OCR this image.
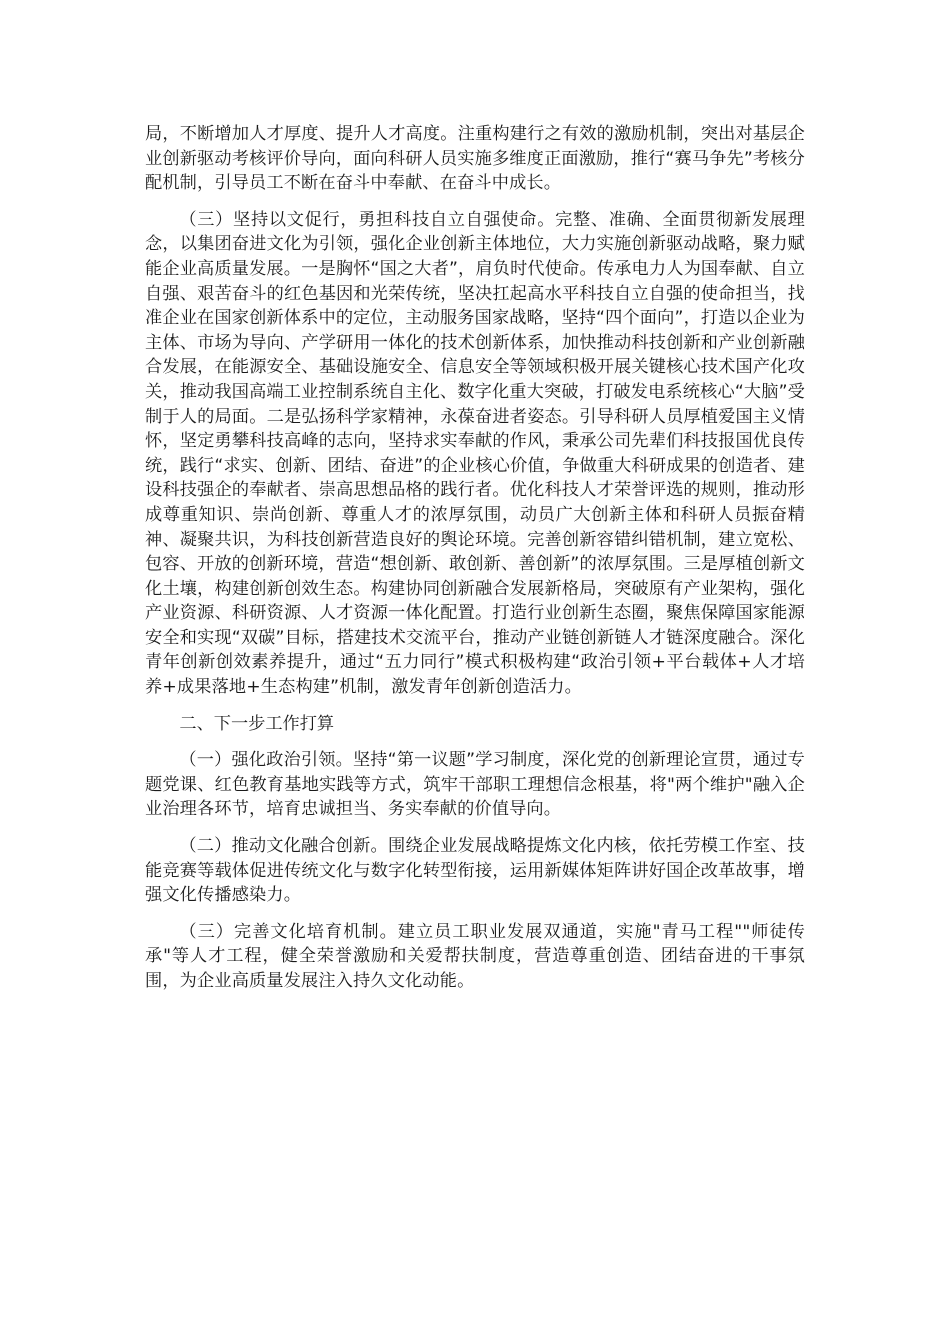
局，不断增加人才厚度、提升人才高度。注重构建行之有效的激励机制，突出对基层企业创新驱动考核评价导向，面向科研人员实施多维度正面激励，推行“赛马争先”考核分配机制，引导员工不断在奋斗中奉献、在奋斗中成长。

（三）坚持以文促行，勇担科技自立自强使命。完整、准确、全面贯彻新发展理念，以集团奋进文化为引领，强化企业创新主体地位，大力实施创新驱动战略，聚力赋能企业高质量发展。一是胸怀“国之大者”，肩负时代使命。传承电力人为国奉献、自立自强、艰苦奋斗的红色基因和光荣传统，坚决扛起高水平科技自立自强的使命担当，找准企业在国家创新体系中的定位，主动服务国家战略，坚持“四个面向”，打造以企业为主体、市场为导向、产学研用一体化的技术创新体系，加快推动科技创新和产业创新融合发展，在能源安全、基础设施安全、信息安全等领域积极开展关键核心技术国产化攻关，推动我国高端工业控制系统自主化、数字化重大突破，打破发电系统核心“大脑”受制于人的局面。二是弘扬科学家精神，永葆奋进者姿态。引导科研人员厚植爱国主义情怀，坚定勇攀科技高峰的志向，坚持求实奉献的作风，秉承公司先辈们科技报国优良传统，践行“求实、创新、团结、奋进”的企业核心价值，争做重大科研成果的创造者、建设科技强企的奉献者、崇高思想品格的践行者。优化科技人才荣誉评选的规则，推动形成尊重知识、崇尚创新、尊重人才的浓厚氛围，动员广大创新主体和科研人员振奋精神、凝聚共识，为科技创新营造良好的舆论环境。完善创新容错纠错机制，建立宽松、包容、开放的创新环境，营造“想创新、敢创新、善创新”的浓厚氛围。三是厚植创新文化土壤，构建创新创效生态。构建协同创新融合发展新格局，突破原有产业架构，强化产业资源、科研资源、人才资源一体化配置。打造行业创新生态圈，聚焦保障国家能源安全和实现“双碳”目标，搭建技术交流平台，推动产业链创新链人才链深度融合。深化青年创新创效素养提升，通过“五力同行”模式积极构建“政治引领+平台载体+人才培养+成果落地+生态构建”机制，激发青年创新创造活力。

二、下一步工作打算

（一）强化政治引领。坚持“第一议题”学习制度，深化党的创新理论宣贯，通过专题党课、红色教育基地实践等方式，筑牢干部职工理想信念根基，将"两个维护"融入企业治理各环节，培育忠诚担当、务实奉献的价值导向。

（二）推动文化融合创新。围绕企业发展战略提炼文化内核，依托劳模工作室、技能竞赛等载体促进传统文化与数字化转型衔接，运用新媒体矩阵讲好国企改革故事，增强文化传播感染力。

（三）完善文化培育机制。建立员工职业发展双通道，实施"青马工程""师徒传承"等人才工程，健全荣誉激励和关爱帮扶制度，营造尊重创造、团结奋进的干事氛围，为企业高质量发展注入持久文化动能。
